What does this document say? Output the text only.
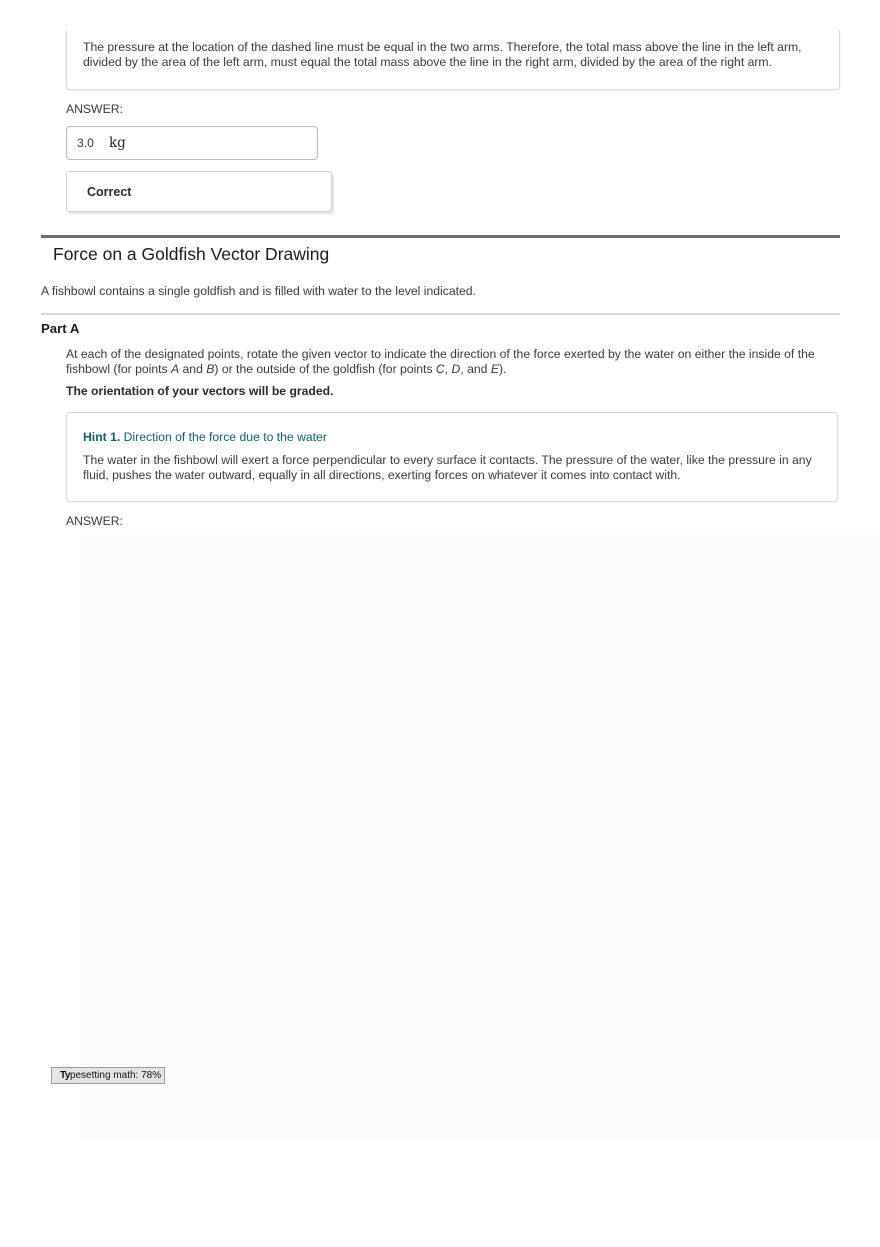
The pressure at the location of the dashed line must be equal in the two arms. Therefore, the total mass above the line in the left arm, divided by the area of the left arm, must equal the total mass above the line in the right arm, divided by the area of the right arm.
ANSWER:
3.0 kg
Correct
Force on a Goldfish Vector Drawing
A fishbowl contains a single goldfish and is filled with water to the level indicated.
Part A
At each of the designated points, rotate the given vector to indicate the direction of the force exerted by the water on either the inside of the fishbowl (for points A and B) or the outside of the goldfish (for points C, D, and E).
The orientation of your vectors will be graded.
Hint 1. Direction of the force due to the water
The water in the fishbowl will exert a force perpendicular to every surface it contacts. The pressure of the water, like the pressure in any fluid, pushes the water outward, equally in all directions, exerting forces on whatever it comes into contact with.
ANSWER:
Typesetting math: 78%
